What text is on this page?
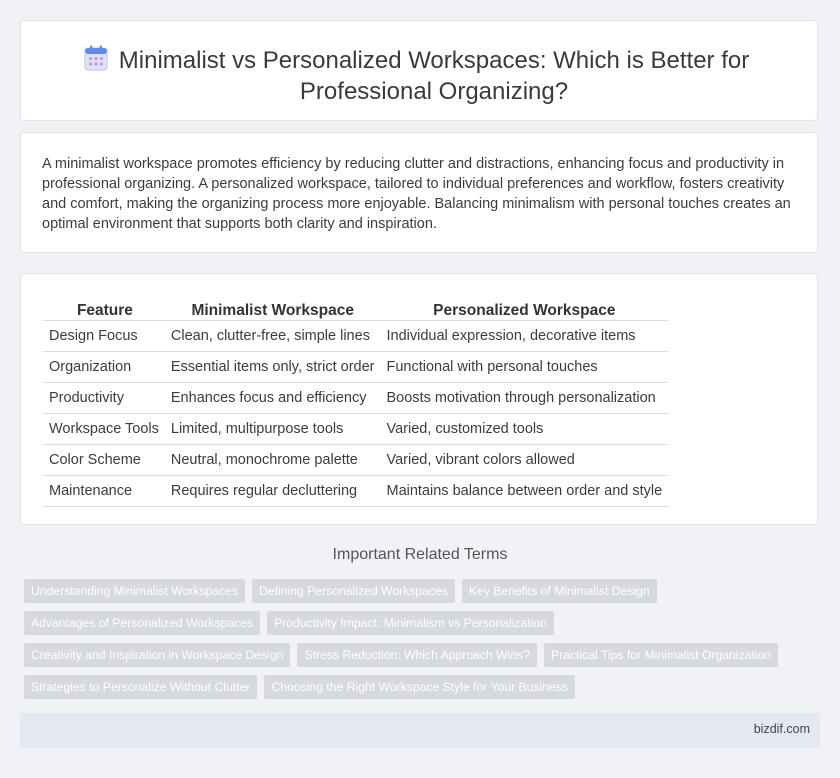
Minimalist vs Personalized Workspaces: Which is Better for Professional Organizing?

A minimalist workspace promotes efficiency by reducing clutter and distractions, enhancing focus and productivity in professional organizing. A personalized workspace, tailored to individual preferences and workflow, fosters creativity and comfort, making the organizing process more enjoyable. Balancing minimalism with personal touches creates an optimal environment that supports both clarity and inspiration.

Feature	Minimalist Workspace	Personalized Workspace
Design Focus	Clean, clutter-free, simple lines	Individual expression, decorative items
Organization	Essential items only, strict order	Functional with personal touches
Productivity	Enhances focus and efficiency	Boosts motivation through personalization
Workspace Tools	Limited, multipurpose tools	Varied, customized tools
Color Scheme	Neutral, monochrome palette	Varied, vibrant colors allowed
Maintenance	Requires regular decluttering	Maintains balance between order and style
Important Related Terms
Understanding Minimalist Workspaces	Defining Personalized Workspaces	Key Benefits of Minimalist Design
Advantages of Personalized Workspaces	Productivity Impact: Minimalism vs Personalization
Creativity and Inspiration in Workspace Design	Stress Reduction: Which Approach Wins?	Practical Tips for Minimalist Organization
Strategies to Personalize Without Clutter	Choosing the Right Workspace Style for Your Business
bizdif.com
